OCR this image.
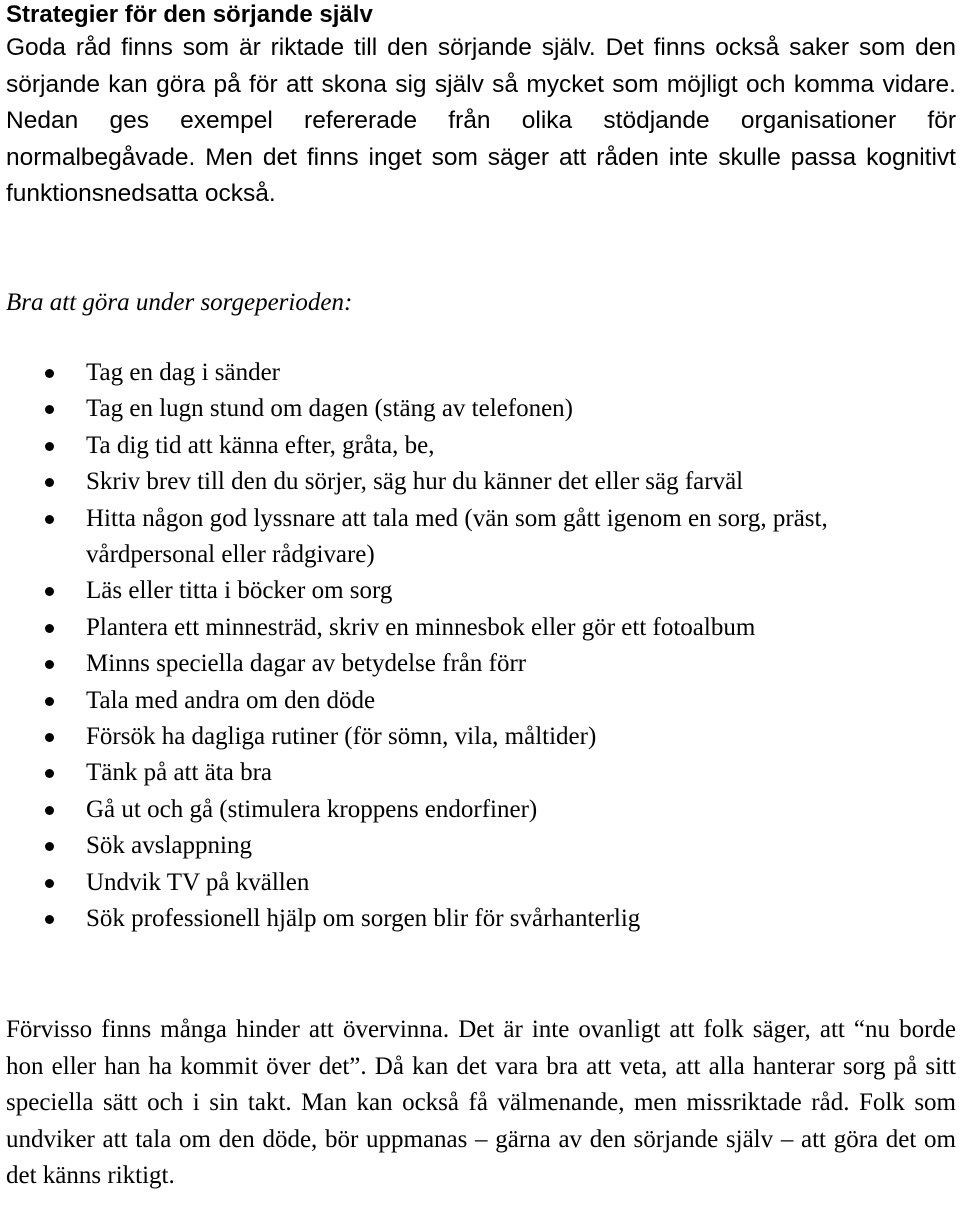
Strategier för den sörjande själv

Goda råd finns som är riktade till den sörjande själv. Det finns också saker som den sörjande kan göra på för att skona sig själv så mycket som möjligt och komma vidare. Nedan ges exempel refererade från olika stödjande organisationer för normalbegåvade. Men det finns inget som säger att råden inte skulle passa kognitivt funktionsnedsatta också.

Bra att göra under sorgeperioden:

Tag en dag i sänder
Tag en lugn stund om dagen (stäng av telefonen)
Ta dig tid att känna efter, gråta, be,
Skriv brev till den du sörjer, säg hur du känner det eller säg farväl
Hitta någon god lyssnare att tala med (vän som gått igenom en sorg, präst, vårdpersonal eller rådgivare)
Läs eller titta i böcker om sorg
Plantera ett minnesträd, skriv en minnesbok eller gör ett fotoalbum
Minns speciella dagar av betydelse från förr
Tala med andra om den döde
Försök ha dagliga rutiner (för sömn, vila, måltider)
Tänk på att äta bra
Gå ut och gå (stimulera kroppens endorfiner)
Sök avslappning
Undvik TV på kvällen
Sök professionell hjälp om sorgen blir för svårhanterlig

Förvisso finns många hinder att övervinna. Det är inte ovanligt att folk säger, att “nu borde hon eller han ha kommit över det”. Då kan det vara bra att veta, att alla hanterar sorg på sitt speciella sätt och i sin takt. Man kan också få välmenande, men missriktade råd. Folk som undviker att tala om den döde, bör uppmanas – gärna av den sörjande själv – att göra det om det känns riktigt.
